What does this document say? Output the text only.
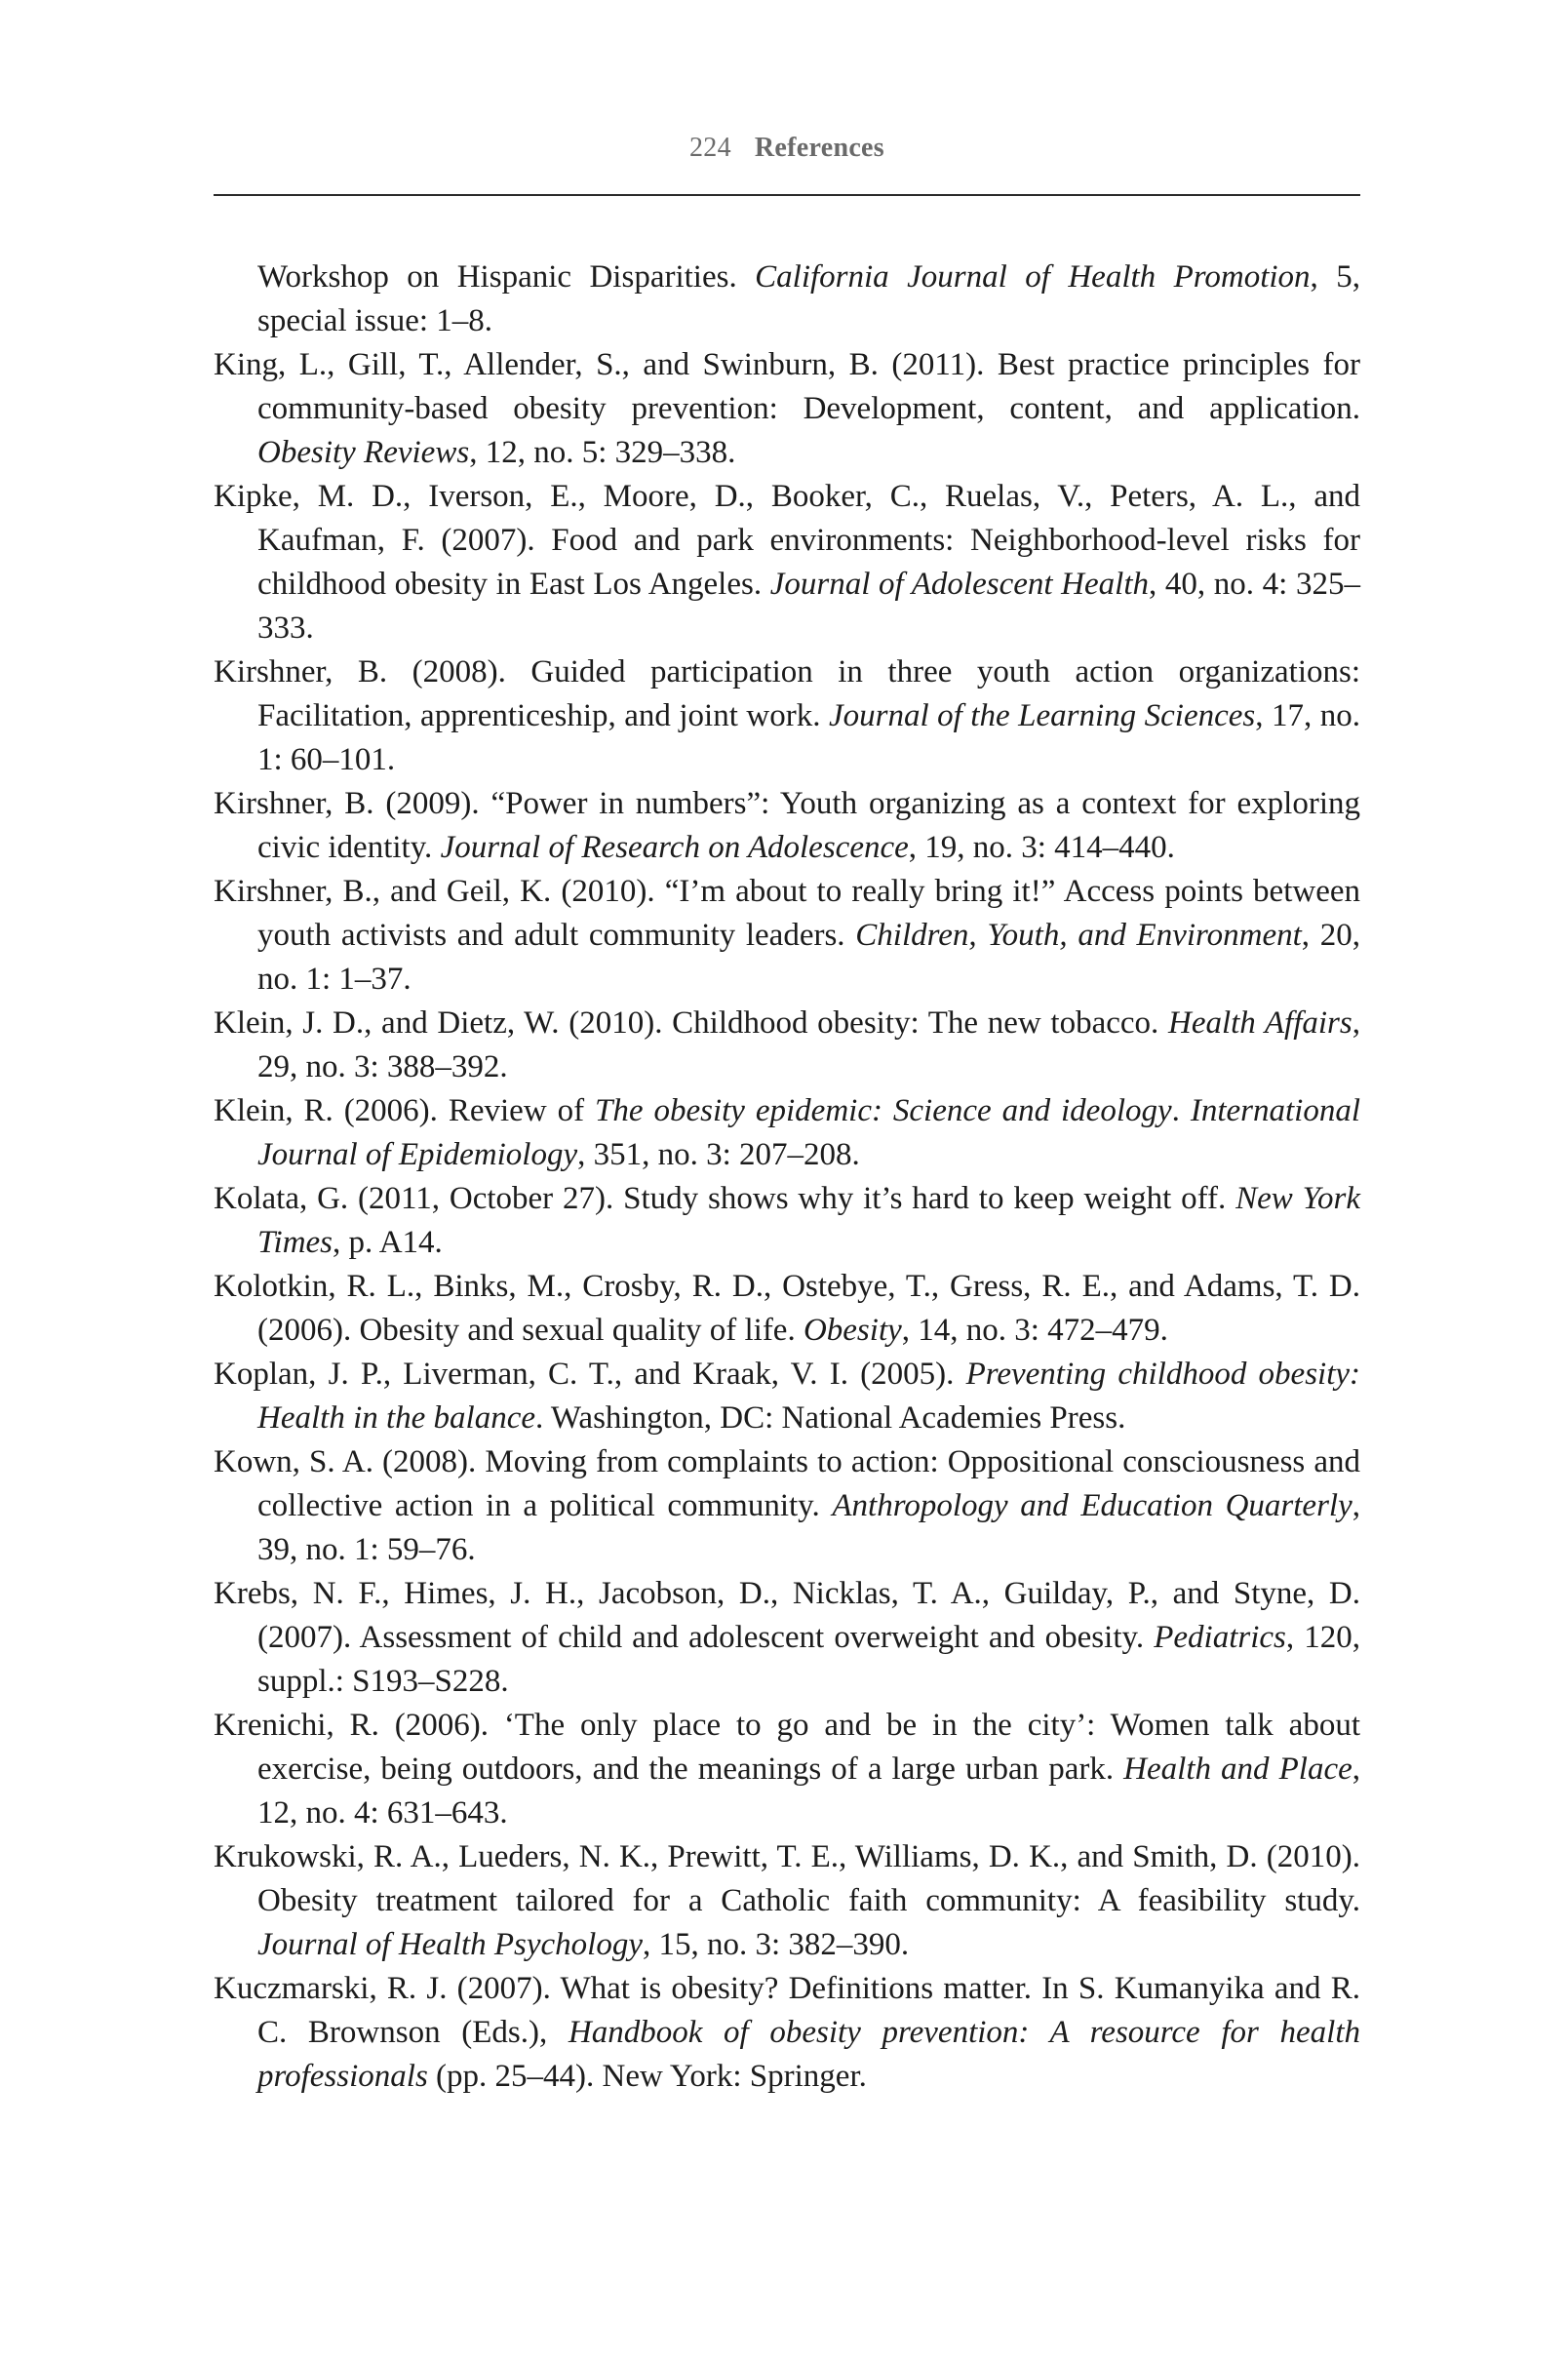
224 References
Workshop on Hispanic Disparities. California Journal of Health Promotion, 5, special issue: 1–8.
King, L., Gill, T., Allender, S., and Swinburn, B. (2011). Best practice principles for community-based obesity prevention: Development, content, and application. Obesity Reviews, 12, no. 5: 329–338.
Kipke, M. D., Iverson, E., Moore, D., Booker, C., Ruelas, V., Peters, A. L., and Kaufman, F. (2007). Food and park environments: Neighborhood-level risks for childhood obesity in East Los Angeles. Journal of Adolescent Health, 40, no. 4: 325–333.
Kirshner, B. (2008). Guided participation in three youth action organizations: Facilitation, apprenticeship, and joint work. Journal of the Learning Sciences, 17, no. 1: 60–101.
Kirshner, B. (2009). “Power in numbers”: Youth organizing as a context for exploring civic identity. Journal of Research on Adolescence, 19, no. 3: 414–440.
Kirshner, B., and Geil, K. (2010). “I’m about to really bring it!” Access points between youth activists and adult community leaders. Children, Youth, and Environment, 20, no. 1: 1–37.
Klein, J. D., and Dietz, W. (2010). Childhood obesity: The new tobacco. Health Affairs, 29, no. 3: 388–392.
Klein, R. (2006). Review of The obesity epidemic: Science and ideology. International Journal of Epidemiology, 351, no. 3: 207–208.
Kolata, G. (2011, October 27). Study shows why it’s hard to keep weight off. New York Times, p. A14.
Kolotkin, R. L., Binks, M., Crosby, R. D., Ostebye, T., Gress, R. E., and Adams, T. D. (2006). Obesity and sexual quality of life. Obesity, 14, no. 3: 472–479.
Koplan, J. P., Liverman, C. T., and Kraak, V. I. (2005). Preventing childhood obesity: Health in the balance. Washington, DC: National Academies Press.
Kown, S. A. (2008). Moving from complaints to action: Oppositional consciousness and collective action in a political community. Anthropology and Education Quarterly, 39, no. 1: 59–76.
Krebs, N. F., Himes, J. H., Jacobson, D., Nicklas, T. A., Guilday, P., and Styne, D. (2007). Assessment of child and adolescent overweight and obesity. Pediatrics, 120, suppl.: S193–S228.
Krenichi, R. (2006). ‘The only place to go and be in the city’: Women talk about exercise, being outdoors, and the meanings of a large urban park. Health and Place, 12, no. 4: 631–643.
Krukowski, R. A., Lueders, N. K., Prewitt, T. E., Williams, D. K., and Smith, D. (2010). Obesity treatment tailored for a Catholic faith community: A feasibility study. Journal of Health Psychology, 15, no. 3: 382–390.
Kuczmarski, R. J. (2007). What is obesity? Definitions matter. In S. Kumanyika and R. C. Brownson (Eds.), Handbook of obesity prevention: A resource for health professionals (pp. 25–44). New York: Springer.
